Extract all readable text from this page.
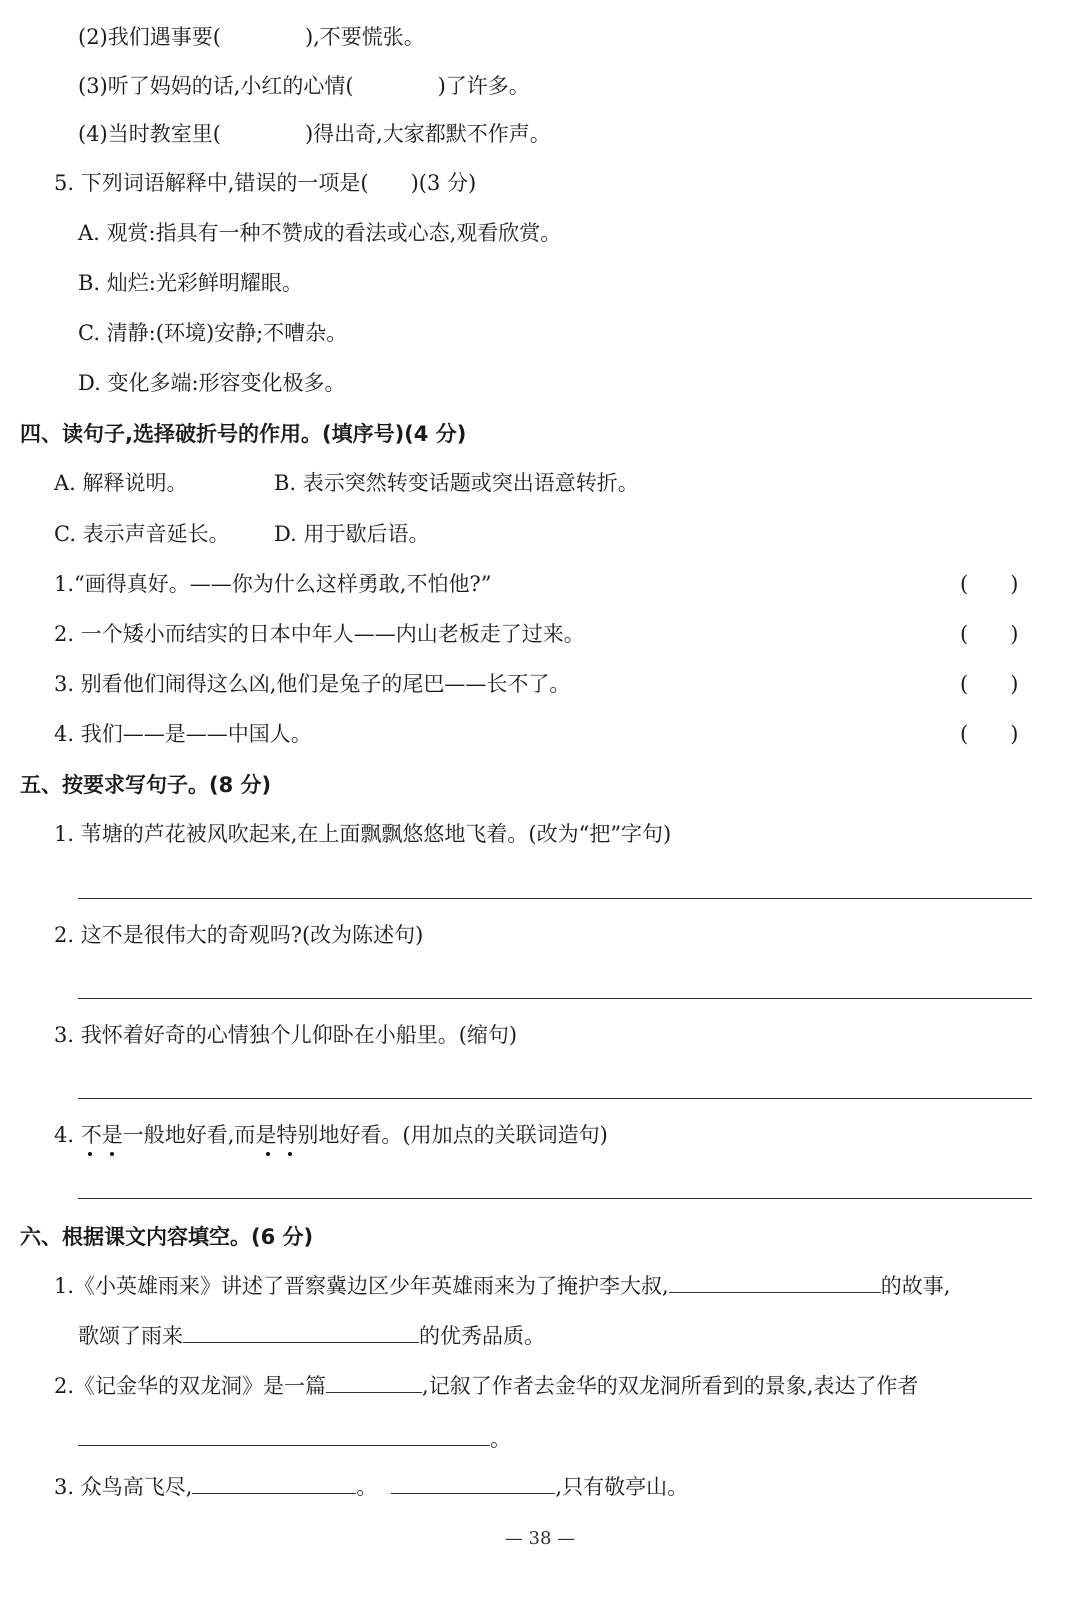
(2)我们遇事要(　　　　),不要慌张。
(3)听了妈妈的话,小红的心情(　　　　)了许多。
(4)当时教室里(　　　　)得出奇,大家都默不作声。
5. 下列词语解释中,错误的一项是(　　)(3 分)
A. 观赏:指具有一种不赞成的看法或心态,观看欣赏。
B. 灿烂:光彩鲜明耀眼。
C. 清静:(环境)安静;不嘈杂。
D. 变化多端:形容变化极多。
四、读句子,选择破折号的作用。(填序号)(4 分)
A. 解释说明。	B. 表示突然转变话题或突出语意转折。
C. 表示声音延长。 D. 用于歇后语。
1.“画得真好。——你为什么这样勇敢,不怕他?”	(　　)
2. 一个矮小而结实的日本中年人——内山老板走了过来。	(　　)
3. 别看他们闹得这么凶,他们是兔子的尾巴——长不了。	(　　)
4. 我们——是——中国人。	(　　)
五、按要求写句子。(8 分)
1. 苇塘的芦花被风吹起来,在上面飘飘悠悠地飞着。(改为“把”字句)
2. 这不是很伟大的奇观吗?(改为陈述句)
3. 我怀着好奇的心情独个儿仰卧在小船里。(缩句)
4. 不是一般地好看,而是特别地好看。(用加点的关联词造句)
六、根据课文内容填空。(6 分)
1.《小英雄雨来》讲述了晋察冀边区少年英雄雨来为了掩护李大叔,	的故事,
歌颂了雨来	的优秀品质。
2.《记金华的双龙洞》是一篇	,记叙了作者去金华的双龙洞所看到的景象,表达了作者
。
3. 众鸟高飞尽,	。	,只有敬亭山。
— 38 —
